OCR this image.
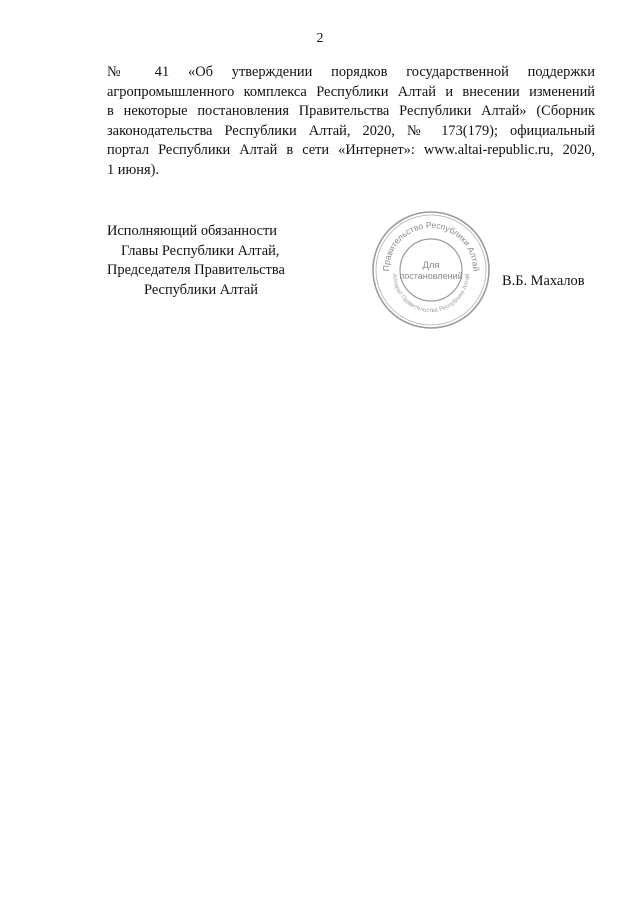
2
№ 41 «Об утверждении порядков государственной поддержки
агропромышленного комплекса Республики Алтай и внесении изменений
в некоторые постановления Правительства Республики Алтай» (Сборник
законодательства Республики Алтай, 2020, № 173(179); официальный
портал Республики Алтай в сети «Интернет»: www.altai-republic.ru, 2020,
1 июня).
Исполняющий обязанности
Главы Республики Алтай,
Председателя Правительства
Республики Алтай
Правительство Республики Алтай
Аппарат Правительства Республики Алтай
Для
постановлений	В.Б. Махалов
